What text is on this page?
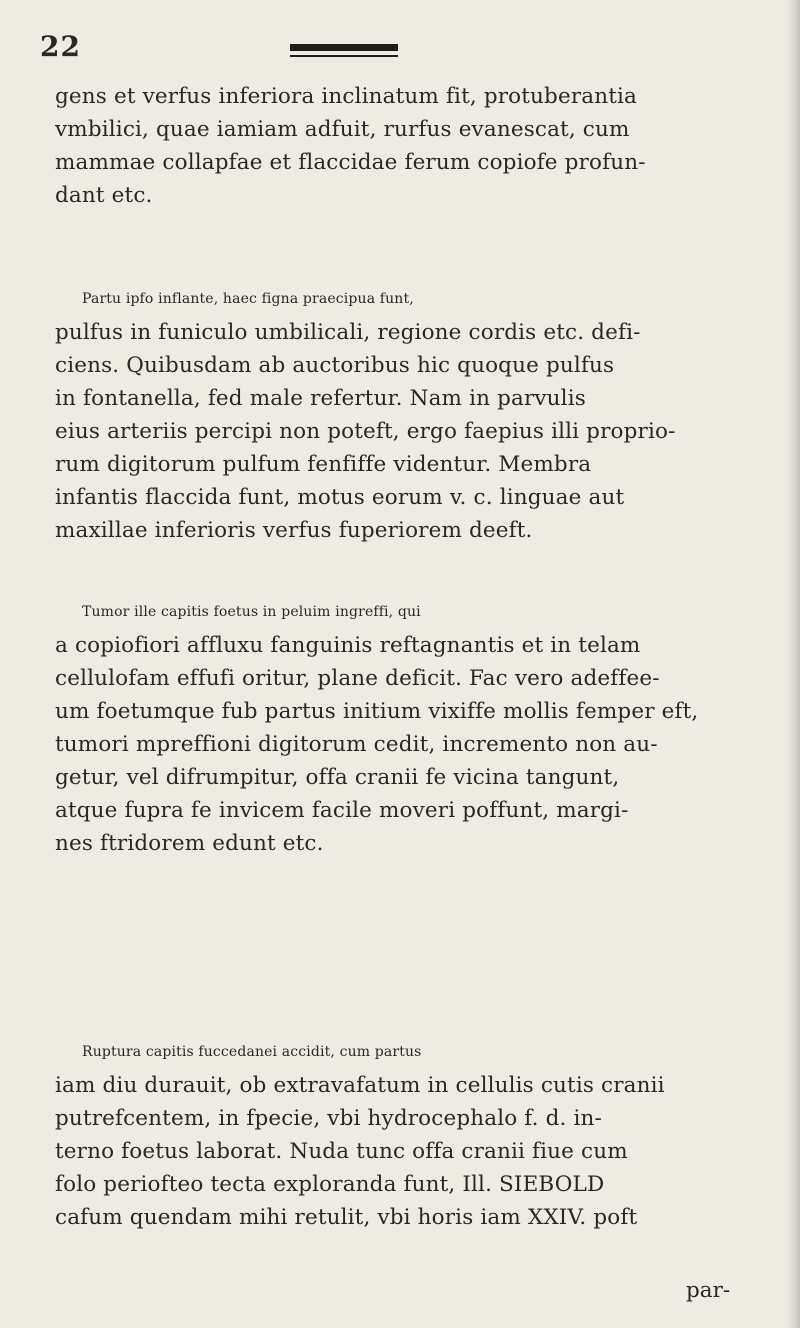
22
gens et verfus inferiora inclinatum fit, protuberantia
vmbilici, quae iamiam adfuit, rurfus evanescat, cum
mammae collapfae et flaccidae ferum copiofe profun-
dant etc.
Partu ipfo inflante, haec figna praecipua funt,
pulfus in funiculo umbilicali, regione cordis etc. defi-
ciens. Quibusdam ab auctoribus hic quoque pulfus
in fontanella, fed male refertur. Nam in parvulis
eius arteriis percipi non poteft, ergo faepius illi proprio-
rum digitorum pulfum fenfiffe videntur. Membra
infantis flaccida funt, motus eorum v. c. linguae aut
maxillae inferioris verfus fuperiorem deeft.
Tumor ille capitis foetus in peluim ingreffi, qui
a copiofiori affluxu fanguinis reftagnantis et in telam
cellulofam effufi oritur, plane deficit. Fac vero adeffee-
um foetumque fub partus initium vixiffe mollis femper eft,
tumori mpreffioni digitorum cedit, incremento non au-
getur, vel difrumpitur, offa cranii fe vicina tangunt,
atque fupra fe invicem facile moveri poffunt, margi-
nes ftridorem edunt etc.
Ruptura capitis fuccedanei accidit, cum partus
iam diu durauit, ob extravafatum in cellulis cutis cranii
putrefcentem, in fpecie, vbi hydrocephalo f. d. in-
terno foetus laborat. Nuda tunc offa cranii fiue cum
folo periofteo tecta exploranda funt, Ill. SIEBOLD
cafum quendam mihi retulit, vbi horis iam XXIV. poft
par-
